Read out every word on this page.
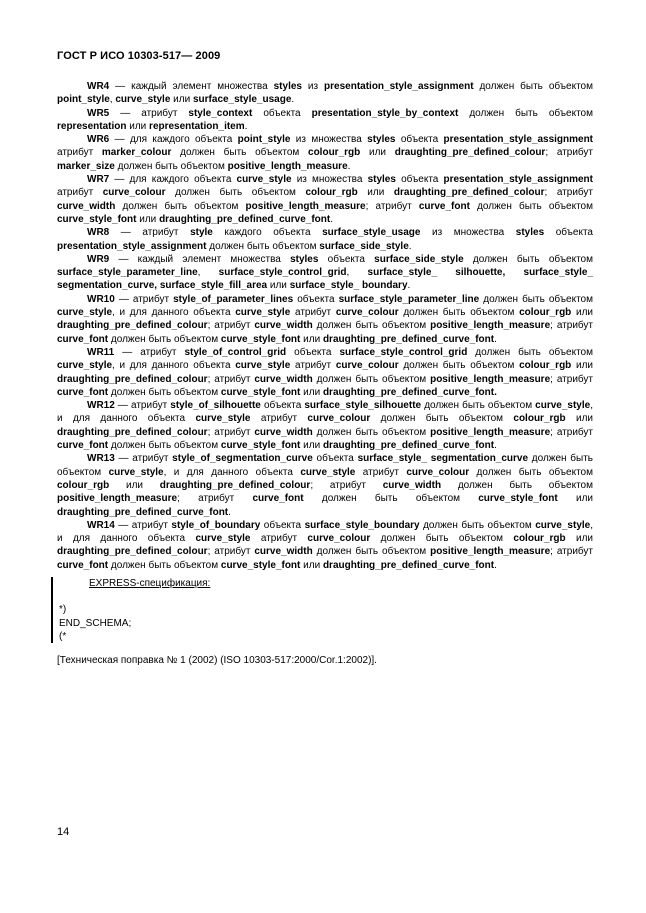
ГОСТ Р ИСО 10303-517— 2009

WR4 — каждый элемент множества styles из presentation_style_assignment должен быть объектом point_style, curve_style или surface_style_usage.

WR5 — атрибут style_context объекта presentation_style_by_context должен быть объектом representation или representation_item.

WR6 — для каждого объекта point_style из множества styles объекта presentation_style_assignment атрибут marker_colour должен быть объектом colour_rgb или draughting_pre_defined_colour; атрибут marker_size должен быть объектом positive_length_measure.

WR7 — для каждого объекта curve_style из множества styles объекта presentation_style_assignment атрибут curve_colour должен быть объектом colour_rgb или draughting_pre_defined_colour; атрибут curve_width должен быть объектом positive_length_measure; атрибут curve_font должен быть объектом curve_style_font или draughting_pre_defined_curve_font.

WR8 — атрибут style каждого объекта surface_style_usage из множества styles объекта presentation_style_assignment должен быть объектом surface_side_style.

WR9 — каждый элемент множества styles объекта surface_side_style должен быть объектом surface_style_parameter_line, surface_style_control_grid, surface_style_ silhouette, surface_style_ segmentation_curve, surface_style_fill_area или surface_style_ boundary.

WR10 — атрибут style_of_parameter_lines объекта surface_style_parameter_line должен быть объектом curve_style, и для данного объекта curve_style атрибут curve_colour должен быть объектом colour_rgb или draughting_pre_defined_colour; атрибут curve_width должен быть объектом positive_length_measure; атрибут curve_font должен быть объектом curve_style_font или draughting_pre_defined_curve_font.

WR11 — атрибут style_of_control_grid объекта surface_style_control_grid должен быть объектом curve_style, и для данного объекта curve_style атрибут curve_colour должен быть объектом colour_rgb или draughting_pre_defined_colour; атрибут curve_width должен быть объектом positive_length_measure; атрибут curve_font должен быть объектом curve_style_font или draughting_pre_defined_curve_font.

WR12 — атрибут style_of_silhouette объекта surface_style_silhouette должен быть объектом curve_style, и для данного объекта curve_style атрибут curve_colour должен быть объектом colour_rgb или draughting_pre_defined_colour; атрибут curve_width должен быть объектом positive_length_measure; атрибут curve_font должен быть объектом curve_style_font или draughting_pre_defined_curve_font.

WR13 — атрибут style_of_segmentation_curve объекта surface_style_ segmentation_curve должен быть объектом curve_style, и для данного объекта curve_style атрибут curve_colour должен быть объектом colour_rgb или draughting_pre_defined_colour; атрибут curve_width должен быть объектом positive_length_measure; атрибут curve_font должен быть объектом curve_style_font или draughting_pre_defined_curve_font.

WR14 — атрибут style_of_boundary объекта surface_style_boundary должен быть объектом curve_style, и для данного объекта curve_style атрибут curve_colour должен быть объектом colour_rgb или draughting_pre_defined_colour; атрибут curve_width должен быть объектом positive_length_measure; атрибут curve_font должен быть объектом curve_style_font или draughting_pre_defined_curve_font.

EXPRESS-спецификация:
*)
END_SCHEMA;
(*
[Техническая поправка № 1 (2002) (ISO 10303-517:2000/Cor.1:2002)].
14
